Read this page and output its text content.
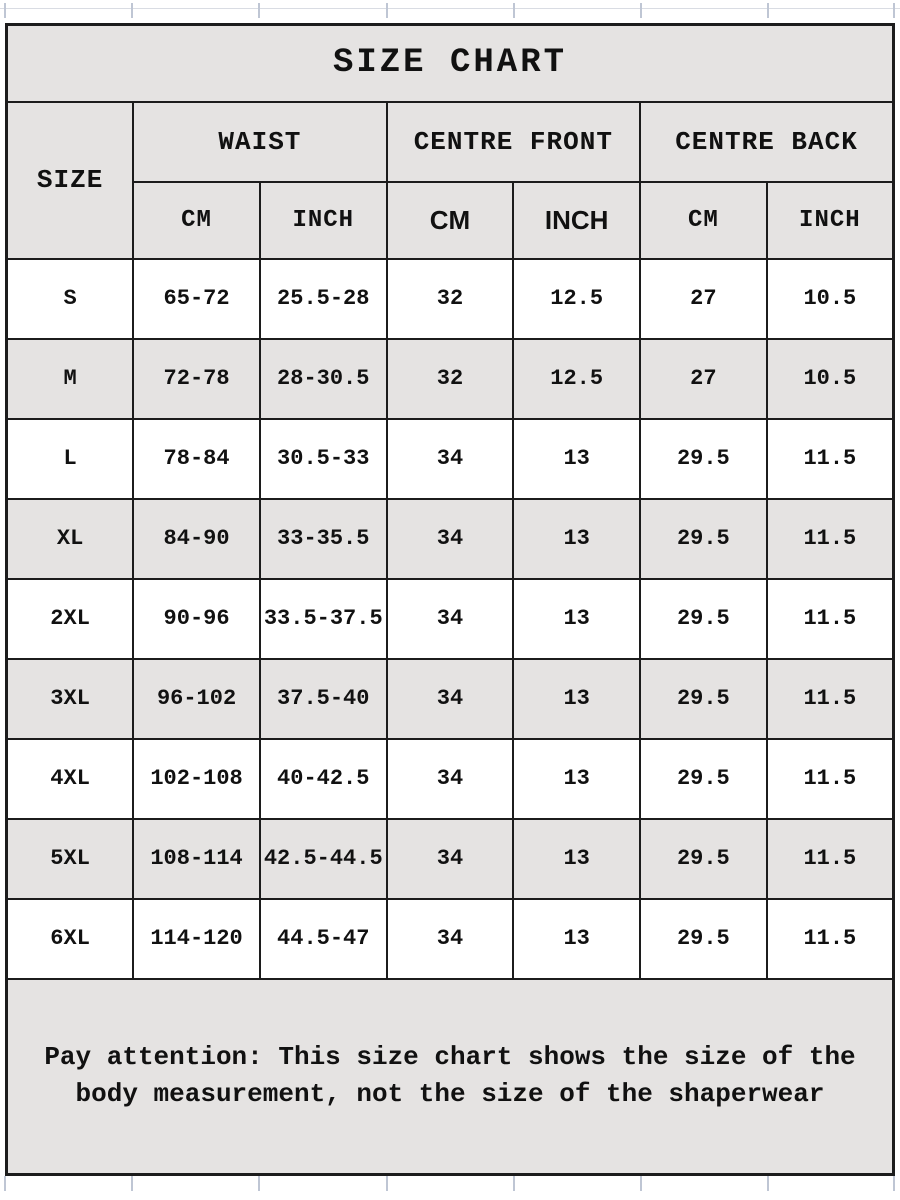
SIZE CHART						
SIZE	WAIST		CENTRE FRONT		CENTRE BACK	
	CM	INCH	CM	INCH	CM	INCH
S	65-72	25.5-28	32	12.5	27	10.5
M	72-78	28-30.5	32	12.5	27	10.5
L	78-84	30.5-33	34	13	29.5	11.5
XL	84-90	33-35.5	34	13	29.5	11.5
2XL	90-96	33.5-37.5	34	13	29.5	11.5
3XL	96-102	37.5-40	34	13	29.5	11.5
4XL	102-108	40-42.5	34	13	29.5	11.5
5XL	108-114	42.5-44.5	34	13	29.5	11.5
6XL	114-120	44.5-47	34	13	29.5	11.5

Pay attention: This size chart shows the size of the body measurement, not the size of the shaperwear						
